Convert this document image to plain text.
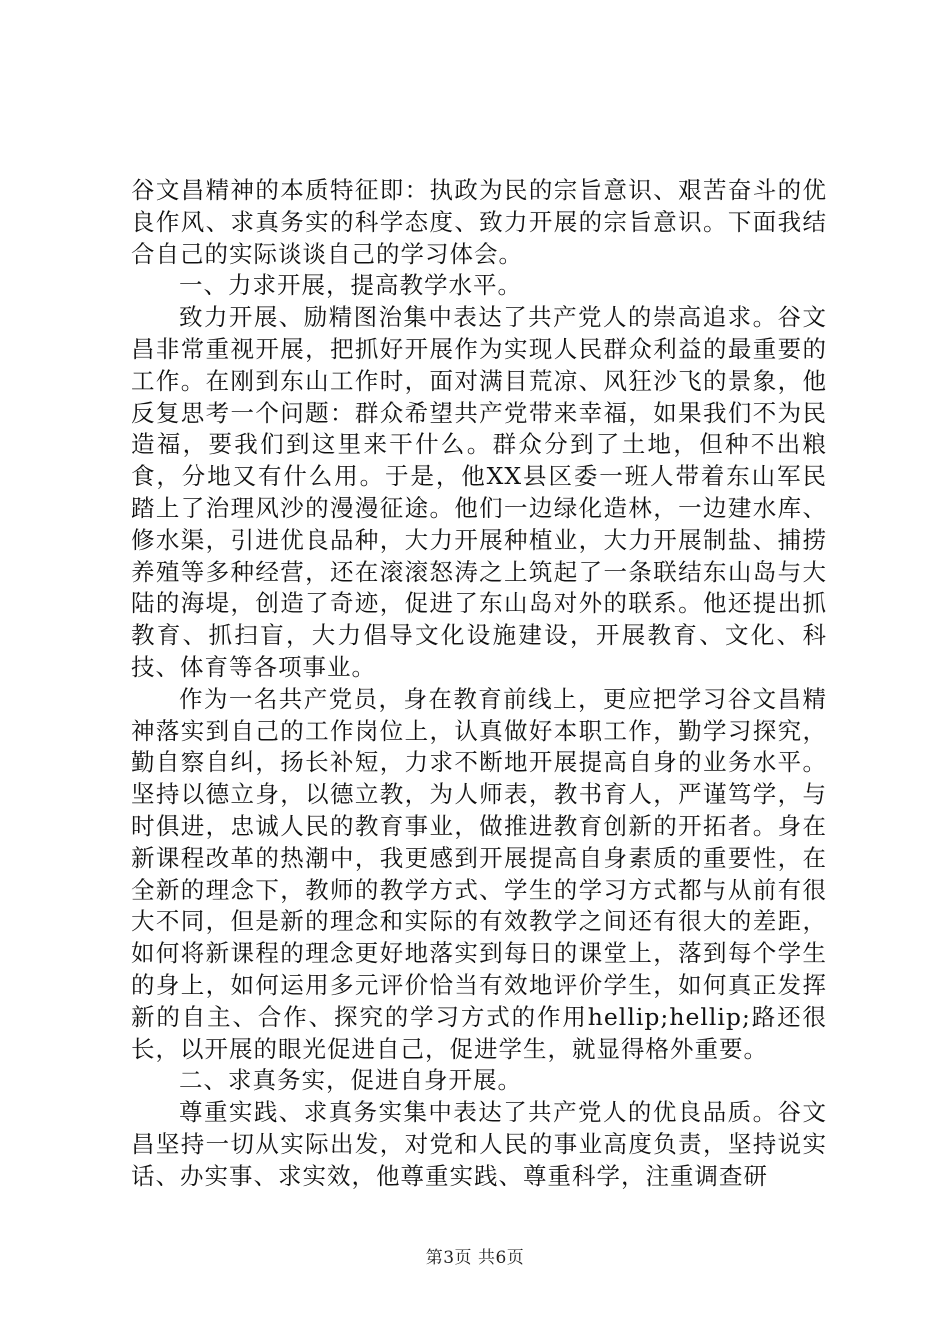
谷文昌精神的本质特征即：执政为民的宗旨意识、艰苦奋斗的优良作风、求真务实的科学态度、致力开展的宗旨意识。下面我结合自己的实际谈谈自己的学习体会。

一、力求开展，提高教学水平。

致力开展、励精图治集中表达了共产党人的崇高追求。谷文昌非常重视开展，把抓好开展作为实现人民群众利益的最重要的工作。在刚到东山工作时，面对满目荒凉、风狂沙飞的景象，他反复思考一个问题：群众希望共产党带来幸福，如果我们不为民造福，要我们到这里来干什么。群众分到了土地，但种不出粮食，分地又有什么用。于是，他XX县区委一班人带着东山军民踏上了治理风沙的漫漫征途。他们一边绿化造林，一边建水库、修水渠，引进优良品种，大力开展种植业，大力开展制盐、捕捞养殖等多种经营，还在滚滚怒涛之上筑起了一条联结东山岛与大陆的海堤，创造了奇迹，促进了东山岛对外的联系。他还提出抓教育、抓扫盲，大力倡导文化设施建设，开展教育、文化、科技、体育等各项事业。

作为一名共产党员，身在教育前线上，更应把学习谷文昌精神落实到自己的工作岗位上，认真做好本职工作，勤学习探究，勤自察自纠，扬长补短，力求不断地开展提高自身的业务水平。坚持以德立身，以德立教，为人师表，教书育人，严谨笃学，与时俱进，忠诚人民的教育事业，做推进教育创新的开拓者。身在新课程改革的热潮中，我更感到开展提高自身素质的重要性，在全新的理念下，教师的教学方式、学生的学习方式都与从前有很大不同，但是新的理念和实际的有效教学之间还有很大的差距，如何将新课程的理念更好地落实到每日的课堂上，落到每个学生的身上，如何运用多元评价恰当有效地评价学生，如何真正发挥新的自主、合作、探究的学习方式的作用hellip;hellip;路还很长，以开展的眼光促进自己，促进学生，就显得格外重要。

二、求真务实，促进自身开展。

尊重实践、求真务实集中表达了共产党人的优良品质。谷文昌坚持一切从实际出发，对党和人民的事业高度负责，坚持说实话、办实事、求实效，他尊重实践、尊重科学，注重调查研

第3页 共6页
